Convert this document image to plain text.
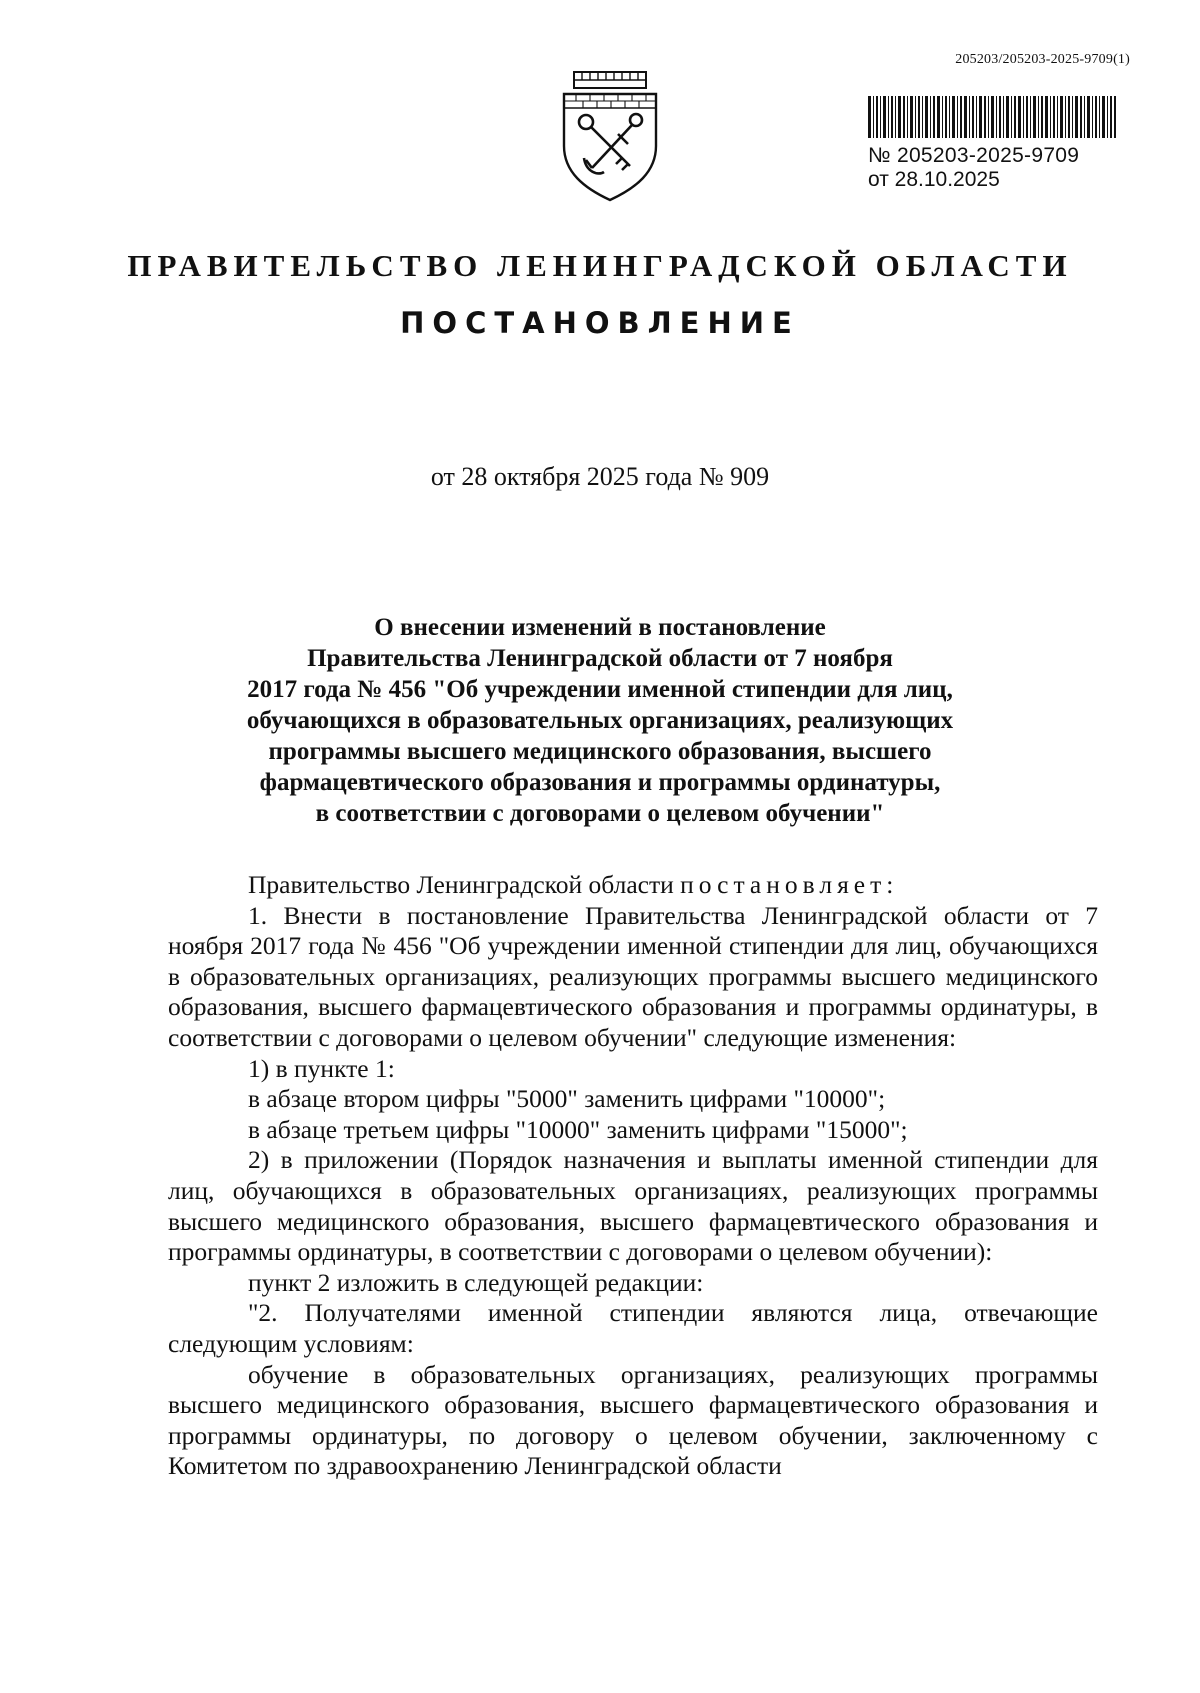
205203/205203-2025-9709(1)
№ 205203-2025-9709
от 28.10.2025
ПРАВИТЕЛЬСТВО ЛЕНИНГРАДСКОЙ ОБЛАСТИ
ПОСТАНОВЛЕНИЕ
от 28 октября 2025 года № 909
О внесении изменений в постановление
Правительства Ленинградской области от 7 ноября
2017 года № 456 "Об учреждении именной стипендии для лиц,
обучающихся в образовательных организациях, реализующих
программы высшего медицинского образования, высшего
фармацевтического образования и программы ординатуры,
в соответствии с договорами о целевом обучении"

Правительство Ленинградской области постановляет:

1. Внести в постановление Правительства Ленинградской области от 7 ноября 2017 года № 456 "Об учреждении именной стипендии для лиц, обучающихся в образовательных организациях, реализующих программы высшего медицинского образования, высшего фармацевтического образования и программы ординатуры, в соответствии с договорами о целевом обучении" следующие изменения:

1) в пункте 1:

в абзаце втором цифры "5000" заменить цифрами "10000";

в абзаце третьем цифры "10000" заменить цифрами "15000";

2) в приложении (Порядок назначения и выплаты именной стипендии для лиц, обучающихся в образовательных организациях, реализующих программы высшего медицинского образования, высшего фармацевтического образования и программы ординатуры, в соответствии с договорами о целевом обучении):

пункт 2 изложить в следующей редакции:

"2. Получателями именной стипендии являются лица, отвечающие следующим условиям:

обучение в образовательных организациях, реализующих программы высшего медицинского образования, высшего фармацевтического образования и программы ординатуры, по договору о целевом обучении, заключенному с Комитетом по здравоохранению Ленинградской области
